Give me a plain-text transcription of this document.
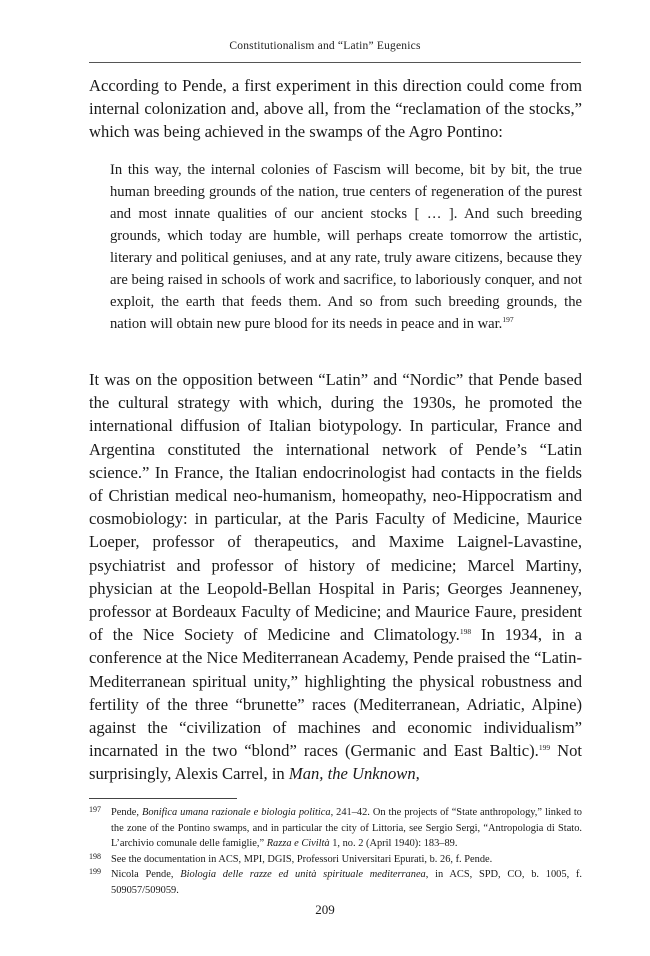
Constitutionalism and “Latin” Eugenics

According to Pende, a first experiment in this direction could come from internal colonization and, above all, from the “reclamation of the stocks,” which was being achieved in the swamps of the Agro Pontino:

In this way, the internal colonies of Fascism will become, bit by bit, the true human breeding grounds of the nation, true centers of regeneration of the purest and most innate qualities of our ancient stocks [ … ]. And such breeding grounds, which today are humble, will perhaps create tomorrow the artistic, literary and political geniuses, and at any rate, truly aware citizens, because they are being raised in schools of work and sacrifice, to laboriously conquer, and not exploit, the earth that feeds them. And so from such breeding grounds, the nation will obtain new pure blood for its needs in peace and in war.$^{197}$

It was on the opposition between “Latin” and “Nordic” that Pende based the cultural strategy with which, during the 1930s, he promoted the international diffusion of Italian biotypology. In particular, France and Argentina constituted the international network of Pende’s “Latin science.” In France, the Italian endocrinologist had contacts in the fields of Christian medical neo-humanism, homeopathy, neo-Hippocratism and cosmobiology: in particular, at the Paris Faculty of Medicine, Maurice Loeper, professor of therapeutics, and Maxime Laignel-Lavastine, psychiatrist and professor of history of medicine; Marcel Martiny, physician at the Leopold-Bellan Hospital in Paris; Georges Jeanneney, professor at Bordeaux Faculty of Medicine; and Maurice Faure, president of the Nice Society of Medicine and Climatology.$^{198}$ In 1934, in a conference at the Nice Mediterranean Academy, Pende praised the “Latin-Mediterranean spiritual unity,” highlighting the physical robustness and fertility of the three “brunette” races (Mediterranean, Adriatic, Alpine) against the “civilization of machines and economic individualism” incarnated in the two “blond” races (Germanic and East Baltic).$^{199}$ Not surprisingly, Alexis Carrel, in Man, the Unknown,

197 Pende, Bonifica umana razionale e biologia politica, 241–42. On the projects of “State anthropology,” linked to the zone of the Pontino swamps, and in particular the city of Littoria, see Sergio Sergi, “Antropologia di Stato. L’archivio comunale delle famiglie,” Razza e Civiltà 1, no. 2 (April 1940): 183–89.

198 See the documentation in ACS, MPI, DGIS, Professori Universitari Epurati, b. 26, f. Pende.

199 Nicola Pende, Biologia delle razze ed unità spirituale mediterranea, in ACS, SPD, CO, b. 1005, f. 509057/509059.

209
